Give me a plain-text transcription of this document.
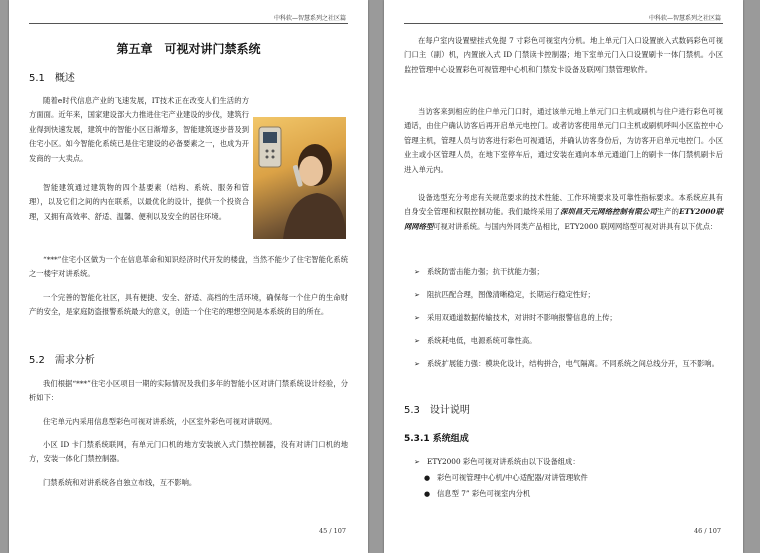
中科软—智慧系列之社区篇
第五章　可视对讲门禁系统
5.1　概述

随着e时代信息产业的飞速发展，IT技术正在改变人们生活的方方面面。近年来，国家建设部大力推进住宅产业建设的步伐，建筑行业得到快速发展，建筑中的智能小区日渐增多，智能建筑逐步普及到住宅小区。如今智能化系统已是住宅建设的必备要素之一，也成为开发商的一大卖点。

智能建筑通过建筑物的四个基要素（结构、系统、服务和管理），以及它们之间的内在联系，以最优化的设计，提供一个投资合理，又拥有高效率、舒适、温馨、便利以及安全的居住环境。

“***”住宅小区做为一个在信息革命和知识经济时代开发的楼盘，当然不能少了住宅智能化系统之一楼宇对讲系统。

一个完善的智能化社区，具有便捷、安全、舒适、高档的生活环境，确保每一个住户的生命财产的安全，是家庭防盗报警系统最大的意义，创造一个住宅的理想空间是本系统的目的所在。

5.2　需求分析

我们根据“***”住宅小区项目一期的实际情况及我们多年的智能小区对讲门禁系统设计经验，分析如下：

住宅单元内采用信息型彩色可视对讲系统，小区室外彩色可视对讲联网。

小区 ID 卡门禁系统联网，有单元门口机的地方安装嵌入式门禁控制器，没有对讲门口机的地方，安装一体化门禁控制器。

门禁系统和对讲系统各自独立布线，互不影响。

45 / 107
中科软—智慧系列之社区篇

在每户室内设置壁挂式免提 7 寸彩色可视室内分机。地上单元门入口设置嵌入式数码彩色可视门口主（副）机，内置嵌入式 ID 门禁读卡控制器；地下室单元门入口设置刷卡一体门禁机。小区监控管理中心设置彩色可视管理中心机和门禁发卡设备及联网门禁管理软件。

当访客来到相应的住户单元门口时，通过该单元地上单元门口主机或刷机与住户进行彩色可视通话，由住户确认访客后再开启单元电控门。或者访客使用单元门口主机或刷机呼叫小区监控中心管理主机，管理人员与访客进行彩色可视通话，并确认访客身份后，为访客开启单元电控门。小区业主或小区管理人员，在地下室停车后，通过安装在通向本单元通道门上的刷卡一体门禁机刷卡后进入单元内。

设备选型充分考虑有关规范要求的技术性能、工作环境要求及可靠性指标要求。本系统应具有自身安全管理和权限控制功能。我们最终采用了深圳昌天元网络控制有限公司生产的ETY2000联网网络型可视对讲系统。与国内外同类产品相比，ETY2000 联网网络型可视对讲具有以下优点：

➢ 系统防雷击能力强；抗干扰能力强；
➢ 阻抗匹配合理，图像清晰稳定，长期运行稳定性好；
➢ 采用双通道数据传输技术，对讲时不影响报警信息的上传；
➢ 系统耗电低，电源系统可靠性高。
➢ 系统扩展能力强：模块化设计，结构拼合，电气隔离。不同系统之间总线分开，互不影响。
5.3　设计说明
5.3.1 系统组成
➢ ETY2000 彩色可视对讲系统由以下设备组成：
● 彩色可视管理中心机/中心适配器/对讲管理软件
● 信息型 7” 彩色可视室内分机
46 / 107
